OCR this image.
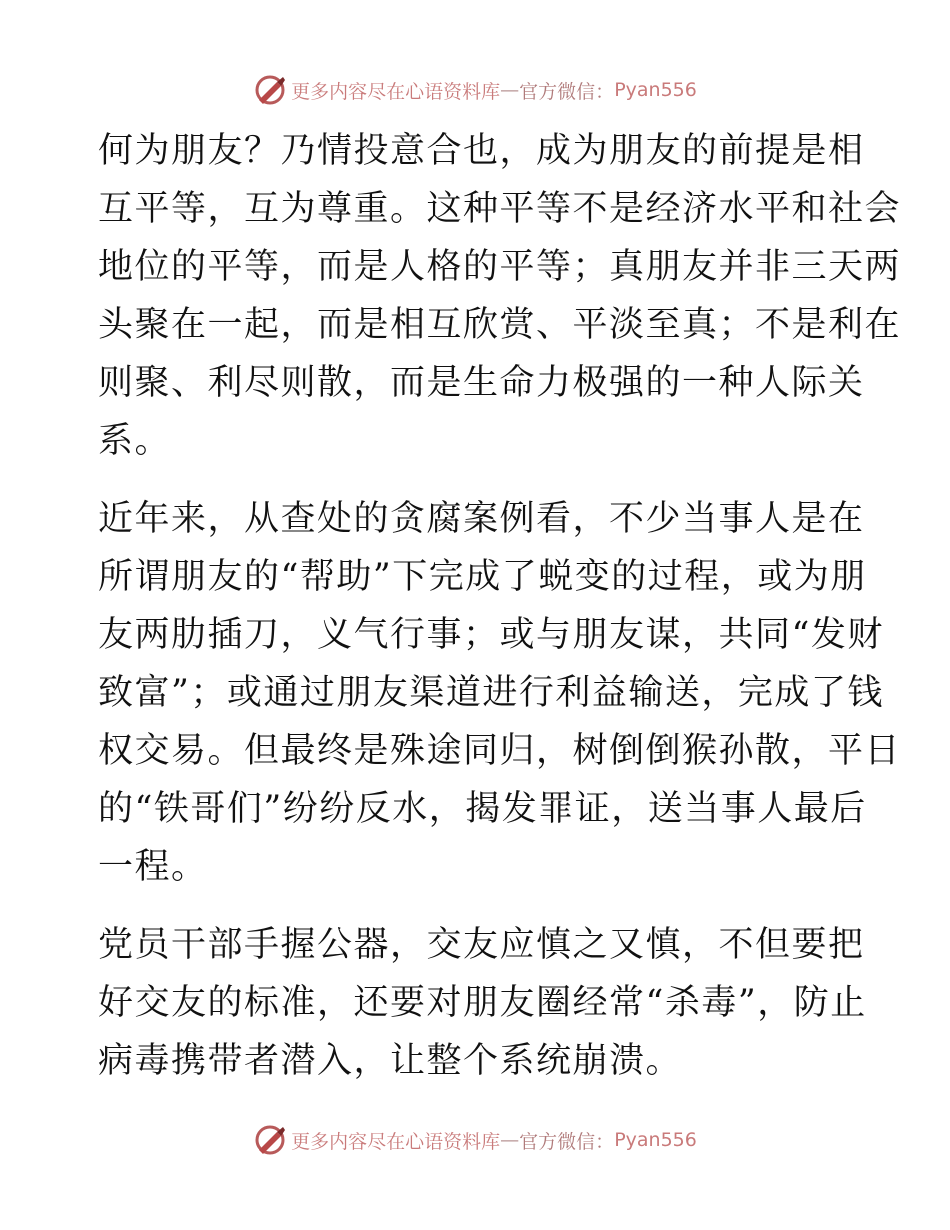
更多内容尽在心语资料库 — 官方微信： Pyan556

何为朋友？乃情投意合也，成为朋友的前提是相
互平等，互为尊重。这种平等不是经济水平和社会
地位的平等，而是人格的平等；真朋友并非三天两
头聚在一起，而是相互欣赏、平淡至真；不是利在
则聚、利尽则散，而是生命力极强的一种人际关
系。

近年来，从查处的贪腐案例看，不少当事人是在
所谓朋友的“帮助”下完成了蜕变的过程，或为朋
友两肋插刀，义气行事；或与朋友谋，共同“发财
致富”；或通过朋友渠道进行利益输送，完成了钱
权交易。但最终是殊途同归，树倒倒猴孙散，平日
的“铁哥们”纷纷反水，揭发罪证，送当事人最后
一程。

党员干部手握公器，交友应慎之又慎，不但要把
好交友的标准，还要对朋友圈经常“杀毒”，防止
病毒携带者潜入，让整个系统崩溃。

更多内容尽在心语资料库 — 官方微信： Pyan556
